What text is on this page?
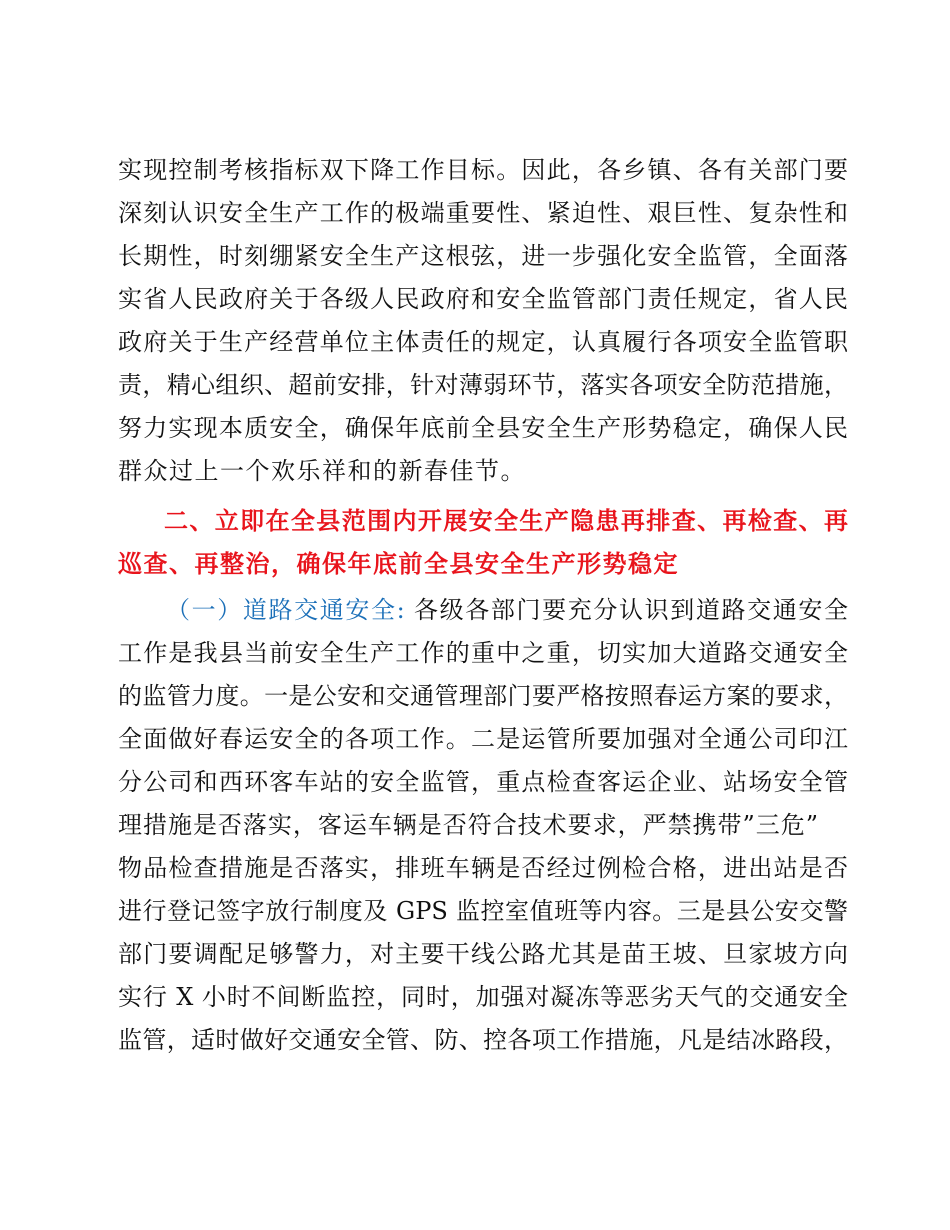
实现控制考核指标双下降工作目标。因此，各乡镇、各有关部门要
深刻认识安全生产工作的极端重要性、紧迫性、艰巨性、复杂性和
长期性，时刻绷紧安全生产这根弦，进一步强化安全监管，全面落
实省人民政府关于各级人民政府和安全监管部门责任规定，省人民
政府关于生产经营单位主体责任的规定，认真履行各项安全监管职
责，精心组织、超前安排，针对薄弱环节，落实各项安全防范措施，
努力实现本质安全，确保年底前全县安全生产形势稳定，确保人民
群众过上一个欢乐祥和的新春佳节。
二、立即在全县范围内开展安全生产隐患再排查、再检查、再
巡查、再整治，确保年底前全县安全生产形势稳定
（一）道路交通安全: 各级各部门要充分认识到道路交通安全
工作是我县当前安全生产工作的重中之重，切实加大道路交通安全
的监管力度。一是公安和交通管理部门要严格按照春运方案的要求，
全面做好春运安全的各项工作。二是运管所要加强对全通公司印江
分公司和西环客车站的安全监管，重点检查客运企业、站场安全管
理措施是否落实，客运车辆是否符合技术要求，严禁携带”三危”
物品检查措施是否落实，排班车辆是否经过例检合格，进出站是否
进行登记签字放行制度及 GPS 监控室值班等内容。三是县公安交警
部门要调配足够警力，对主要干线公路尤其是苗王坡、旦家坡方向
实行 X 小时不间断监控，同时，加强对凝冻等恶劣天气的交通安全
监管，适时做好交通安全管、防、控各项工作措施，凡是结冰路段，
